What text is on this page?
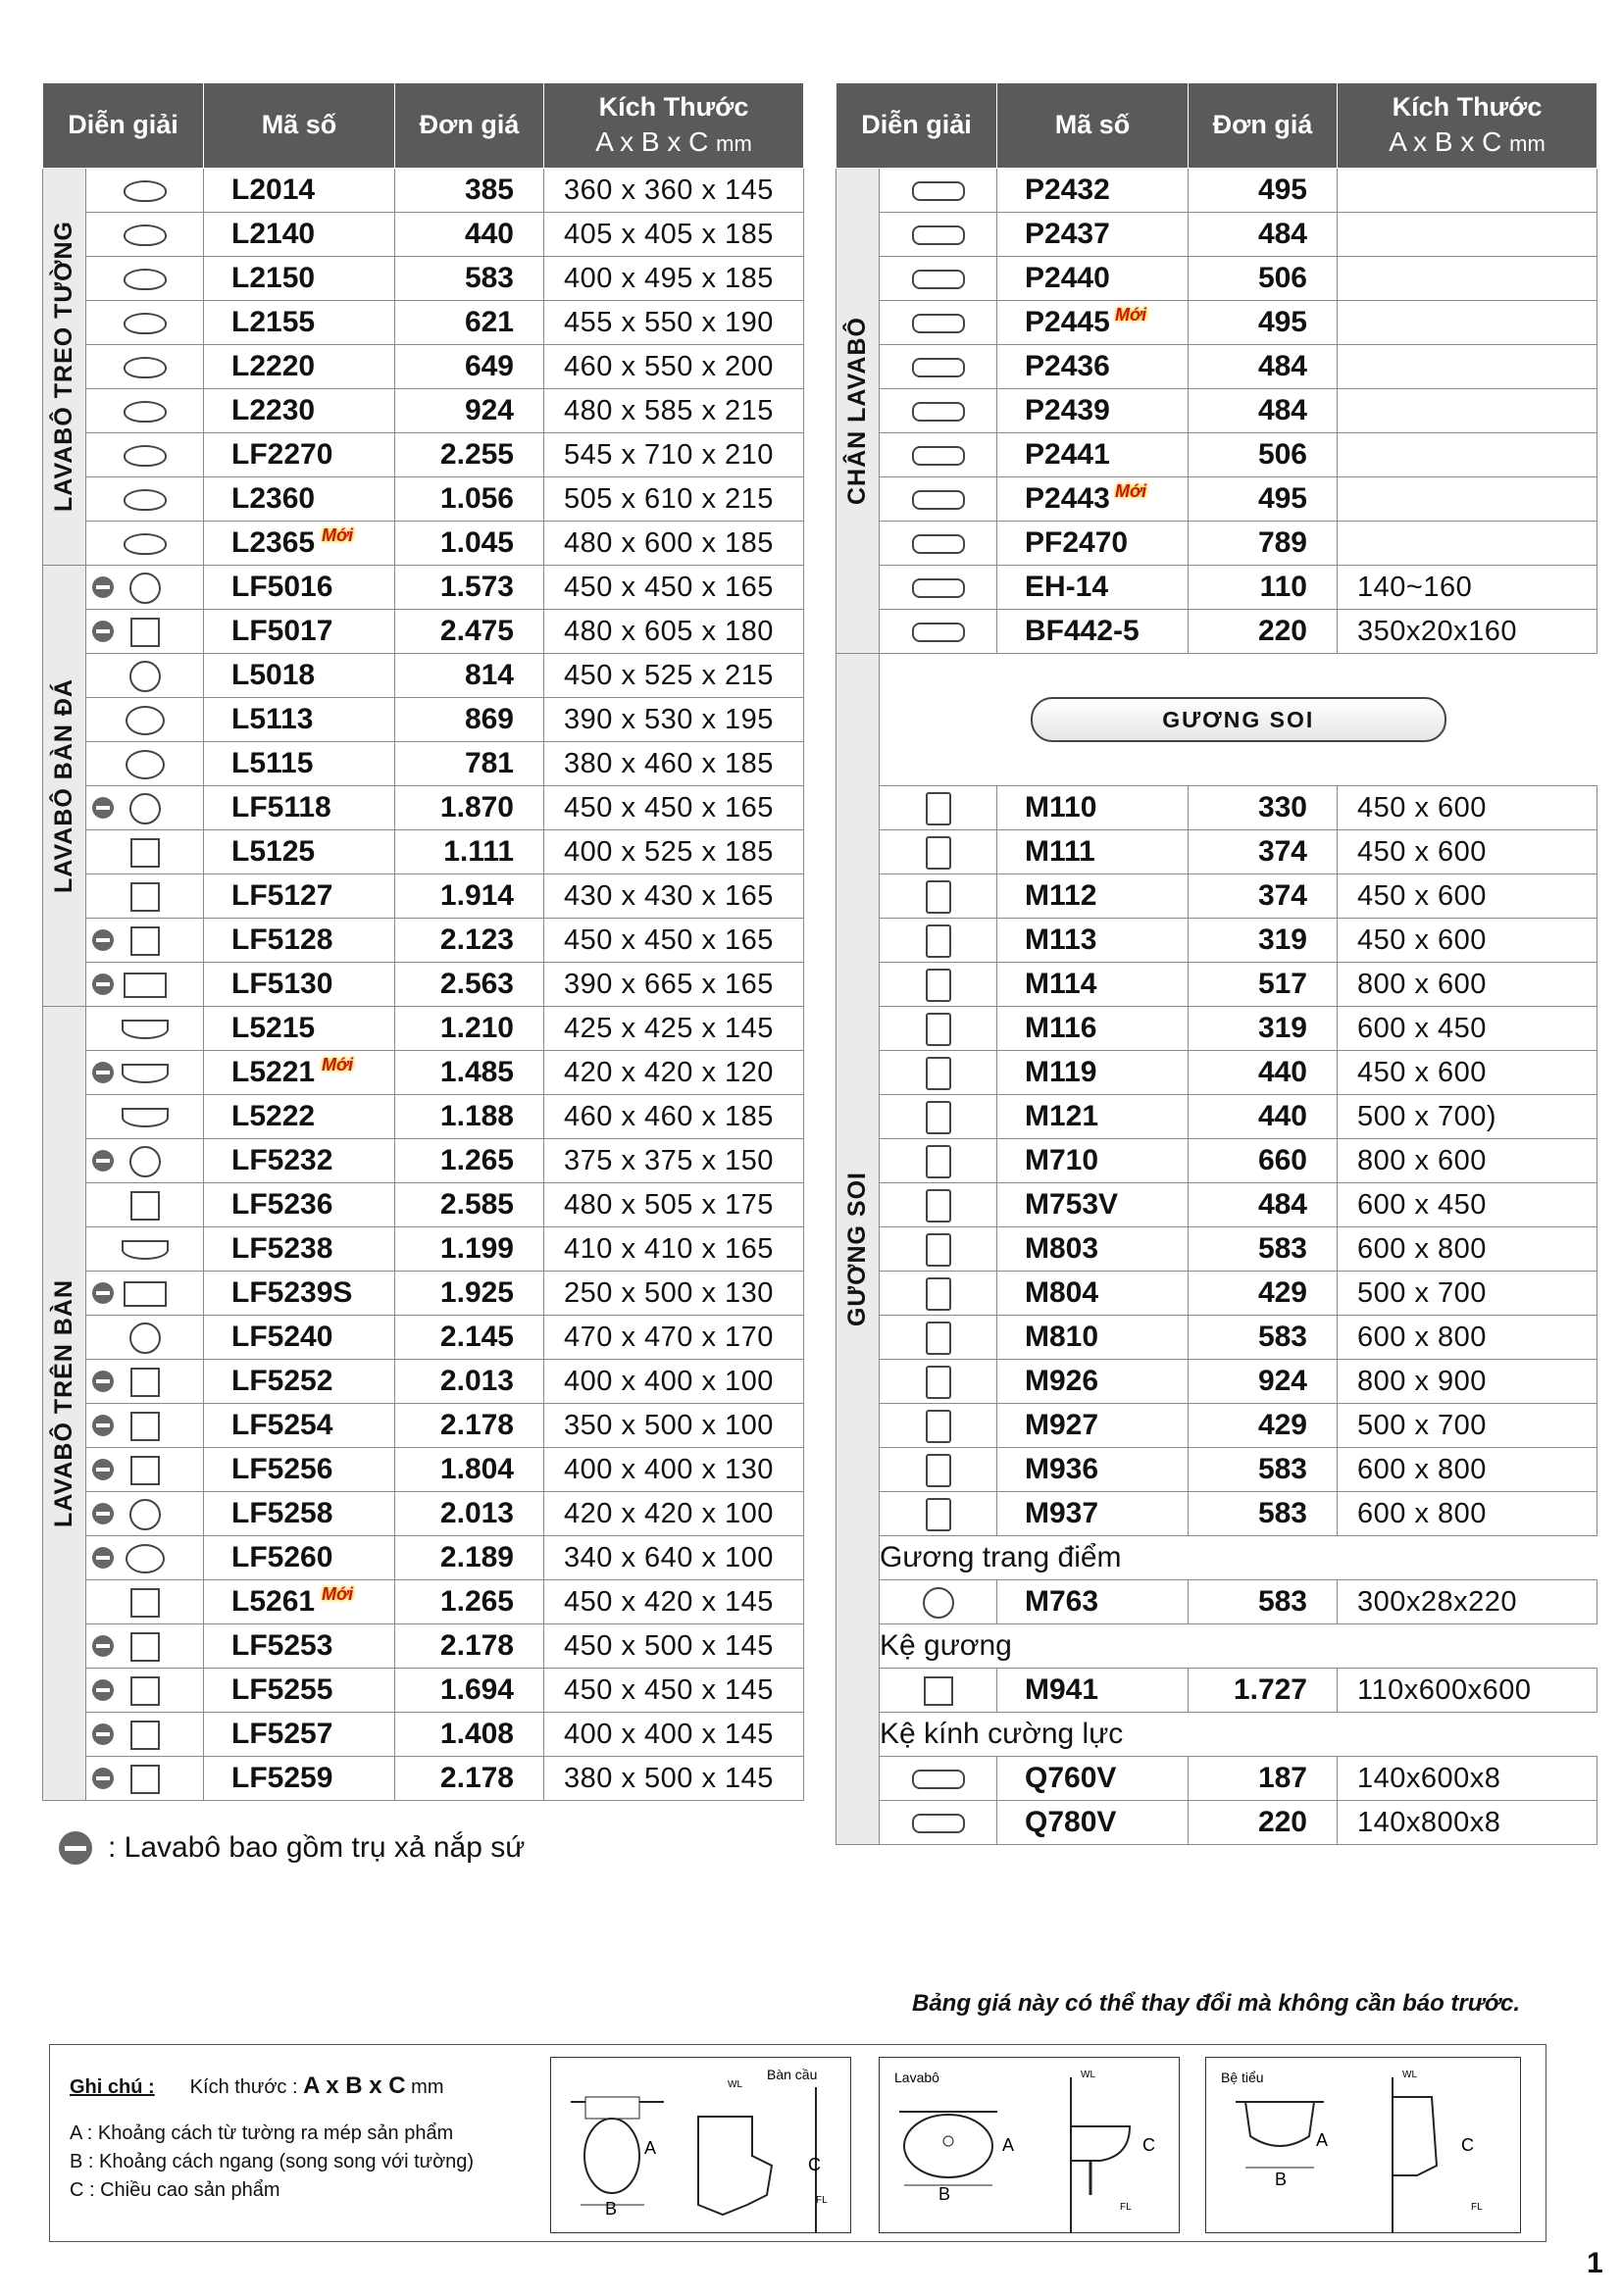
Diễn giải		Mã số	Đơn giá	Kích Thước
A x B x C mm

LAVABÔ TREO TƯỜNG		L2014	385	360 x 360 x 145
		L2140	440	405 x 405 x 185
		L2150	583	400 x 495 x 185
		L2155	621	455 x 550 x 190
		L2220	649	460 x 550 x 200
		L2230	924	480 x 585 x 215
		LF2270	2.255	545 x 710 x 210
		L2360	1.056	505 x 610 x 215
		L2365 Mới	1.045	480 x 600 x 185

LAVABÔ BÀN ĐÁ		LF5016	1.573	450 x 450 x 165

		LF5017	2.475	480 x 605 x 180
		L5018	814	450 x 525 x 215
		L5113	869	390 x 530 x 195
		L5115	781	380 x 460 x 185

		LF5118	1.870	450 x 450 x 165
		L5125	1.111	400 x 525 x 185
		LF5127	1.914	430 x 430 x 165

		LF5128	2.123	450 x 450 x 165

		LF5130	2.563	390 x 665 x 165

LAVABÔ TRÊN BÀN		L5215	1.210	425 x 425 x 145

		L5221 Mới	1.485	420 x 420 x 120
		L5222	1.188	460 x 460 x 185

		LF5232	1.265	375 x 375 x 150
		LF5236	2.585	480 x 505 x 175
		LF5238	1.199	410 x 410 x 165

		LF5239S	1.925	250 x 500 x 130
		LF5240	2.145	470 x 470 x 170

		LF5252	2.013	400 x 400 x 100

		LF5254	2.178	350 x 500 x 100

		LF5256	1.804	400 x 400 x 130

		LF5258	2.013	420 x 420 x 100

		LF5260	2.189	340 x 640 x 100
		L5261 Mới	1.265	450 x 420 x 145

		LF5253	2.178	450 x 500 x 145

		LF5255	1.694	450 x 450 x 145

		LF5257	1.408	400 x 400 x 145

		LF5259	2.178	380 x 500 x 145
Diễn giải		Mã số	Đơn giá	Kích Thước
A x B x C mm

CHÂN LAVABÔ		P2432	495	
		P2437	484	
		P2440	506	
		P2445 Mới	495	
		P2436	484	
		P2439	484	
		P2441	506	
		P2443 Mới	495	
		PF2470	789	
		EH-14	110	140~160
		BF442-5	220	350x20x160

GƯƠNG SOI				

	GƯƠNG SOI			

		M110	330	450 x 600
		M111	374	450 x 600
		M112	374	450 x 600
		M113	319	450 x 600
		M114	517	800 x 600
		M116	319	600 x 450
		M119	440	450 x 600
		M121	440	500 x 700)
		M710	660	800 x 600
		M753V	484	600 x 450
		M803	583	600 x 800
		M804	429	500 x 700
		M810	583	600 x 800
		M926	924	800 x 900
		M927	429	500 x 700
		M936	583	600 x 800
		M937	583	600 x 800
	Gương trang điểm			
		M763	583	300x28x220
	Kệ gương			
		M941	1.727	110x600x600
	Kệ kính cường lực			
		Q760V	187	140x600x8
		Q780V	220	140x800x8
: Lavabô bao gồm trụ xả nắp sứ
Bảng giá này có thể thay đổi mà không cần báo trước.
Ghi chú : Kích thước : A x B x C mm
A : Khoảng cách từ tường ra mép sản phẩm
B : Khoảng cách ngang (song song với tường)
C : Chiều cao sản phẩm
Bàn cầu
A
B
C
FL
WL	Lavabô
A
B
C
FL
WL	Bệ tiểu
A
B
C
FL
WL
1
